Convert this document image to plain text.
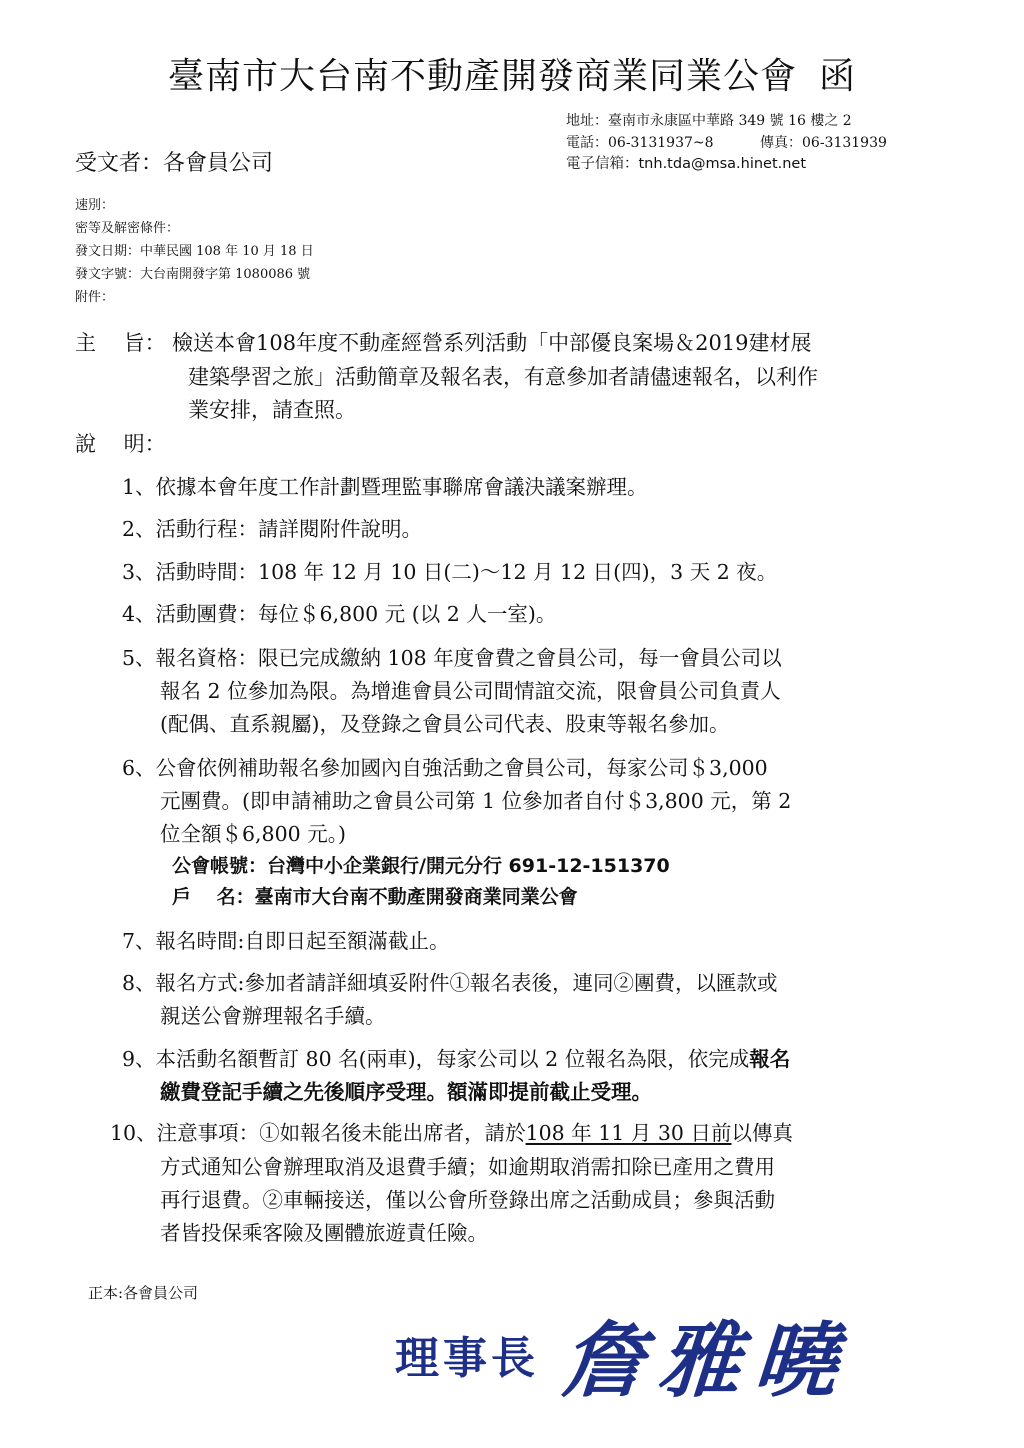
臺南市大台南不動產開發商業同業公會 函
地址：臺南市永康區中華路 349 號 16 樓之 2
電話：06-3131937~8	傳真：06-3131939
電子信箱：tnh.tda@msa.hinet.net
受文者：各會員公司
速別：
密等及解密條件：
發文日期：中華民國 108 年 10 月 18 日
發文字號：大台南開發字第 1080086 號
附件：
主　 旨： 檢送本會108年度不動產經營系列活動「中部優良案場＆2019建材展
建築學習之旅」活動簡章及報名表，有意參加者請儘速報名，以利作
業安排，請查照。
說　 明：
1、依據本會年度工作計劃暨理監事聯席會議決議案辦理。
2、活動行程：請詳閱附件說明。
3、活動時間：108 年 12 月 10 日(二)～12 月 12 日(四)，3 天 2 夜。
4、活動團費：每位＄6,800 元 (以 2 人一室)。
5、報名資格：限已完成繳納 108 年度會費之會員公司，每一會員公司以
報名 2 位參加為限。為增進會員公司間情誼交流，限會員公司負責人
(配偶、直系親屬)，及登錄之會員公司代表、股東等報名參加。
6、公會依例補助報名參加國內自強活動之會員公司，每家公司＄3,000
元團費。(即申請補助之會員公司第 1 位參加者自付＄3,800 元，第 2
位全額＄6,800 元。)
公會帳號：台灣中小企業銀行/開元分行 691-12-151370
戶　 名：臺南市大台南不動產開發商業同業公會
7、報名時間:自即日起至額滿截止。
8、報名方式:參加者請詳細填妥附件①報名表後，連同②團費，以匯款或
親送公會辦理報名手續。
9、本活動名額暫訂 80 名(兩車)，每家公司以 2 位報名為限，依完成報名
繳費登記手續之先後順序受理。額滿即提前截止受理。
10、注意事項：①如報名後未能出席者，請於108 年 11 月 30 日前以傳真
方式通知公會辦理取消及退費手續；如逾期取消需扣除已產用之費用
再行退費。②車輛接送，僅以公會所登錄出席之活動成員；參與活動
者皆投保乘客險及團體旅遊責任險。
正本:各會員公司
理事長 詹雅曉
